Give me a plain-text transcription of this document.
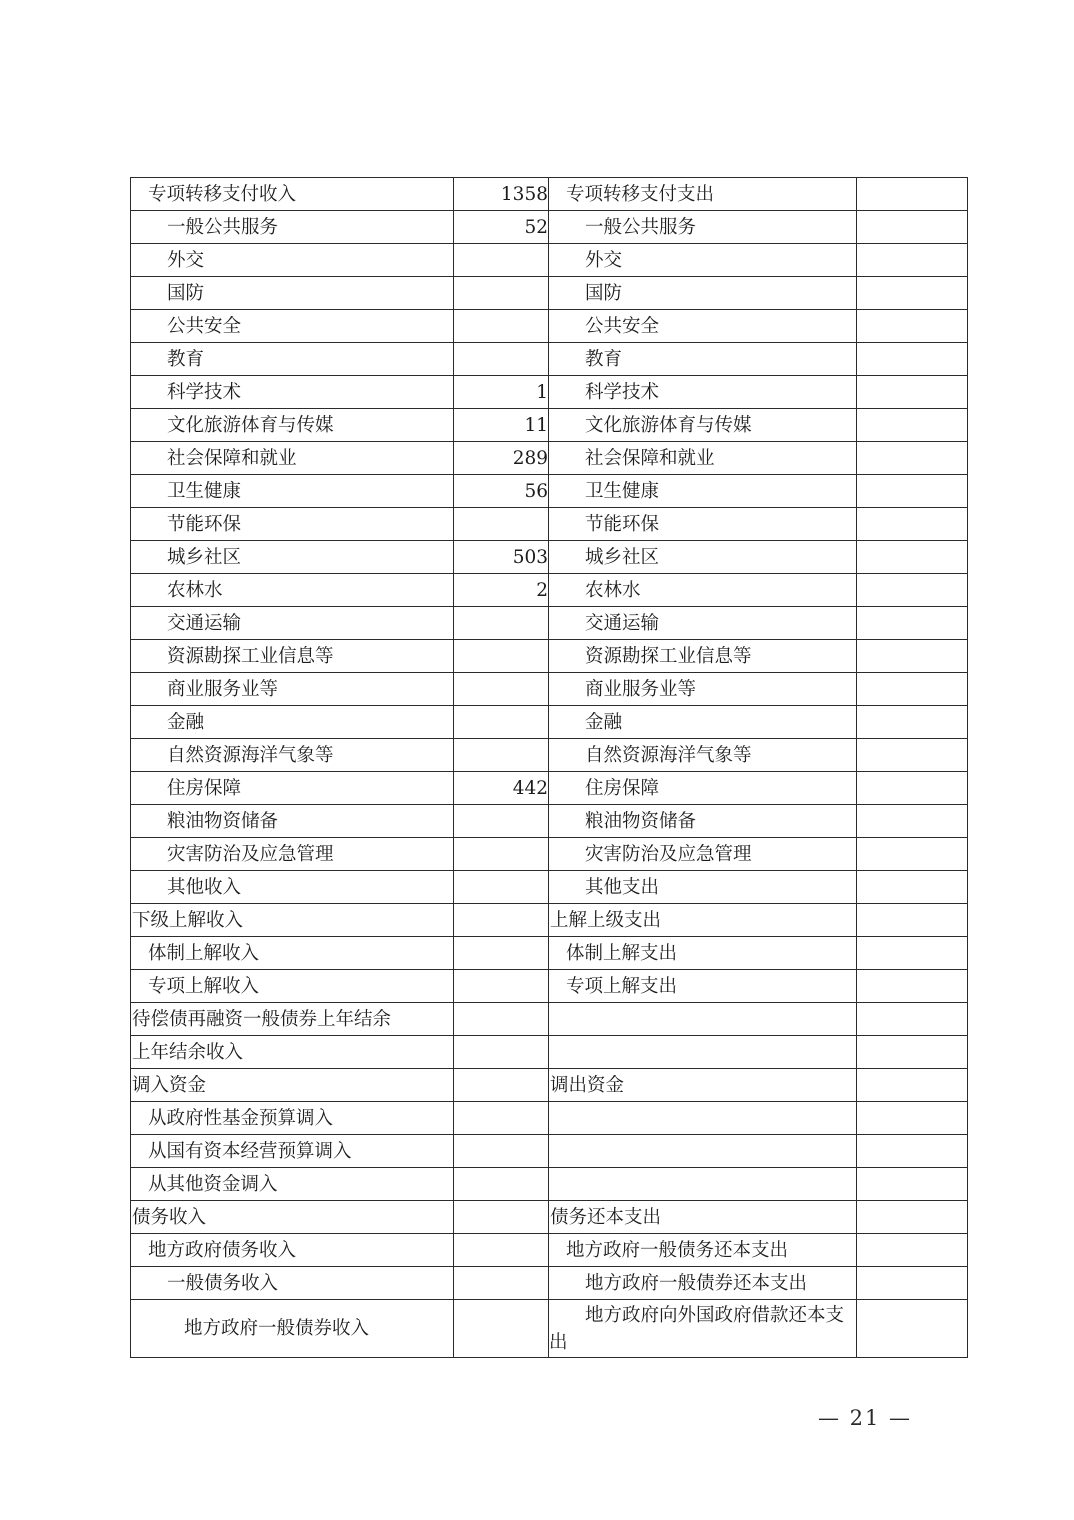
专项转移支付收入	1358	专项转移支付支出	
一般公共服务	52	一般公共服务	
外交		外交	
国防		国防	
公共安全		公共安全	
教育		教育	
科学技术	1	科学技术	
文化旅游体育与传媒	11	文化旅游体育与传媒	
社会保障和就业	289	社会保障和就业	
卫生健康	56	卫生健康	
节能环保		节能环保	
城乡社区	503	城乡社区	
农林水	2	农林水	
交通运输		交通运输	
资源勘探工业信息等		资源勘探工业信息等	
商业服务业等		商业服务业等	
金融		金融	
自然资源海洋气象等		自然资源海洋气象等	
住房保障	442	住房保障	
粮油物资储备		粮油物资储备	
灾害防治及应急管理		灾害防治及应急管理	
其他收入		其他支出	
下级上解收入		上解上级支出	
体制上解收入		体制上解支出	
专项上解收入		专项上解支出	
待偿债再融资一般债券上年结余			
上年结余收入			
调入资金		调出资金	
从政府性基金预算调入			
从国有资本经营预算调入			
从其他资金调入			
债务收入		债务还本支出	
地方政府债务收入		地方政府一般债务还本支出	
一般债务收入		地方政府一般债券还本支出	
地方政府一般债券收入		地方政府向外国政府借款还本支出	
— 21 —
